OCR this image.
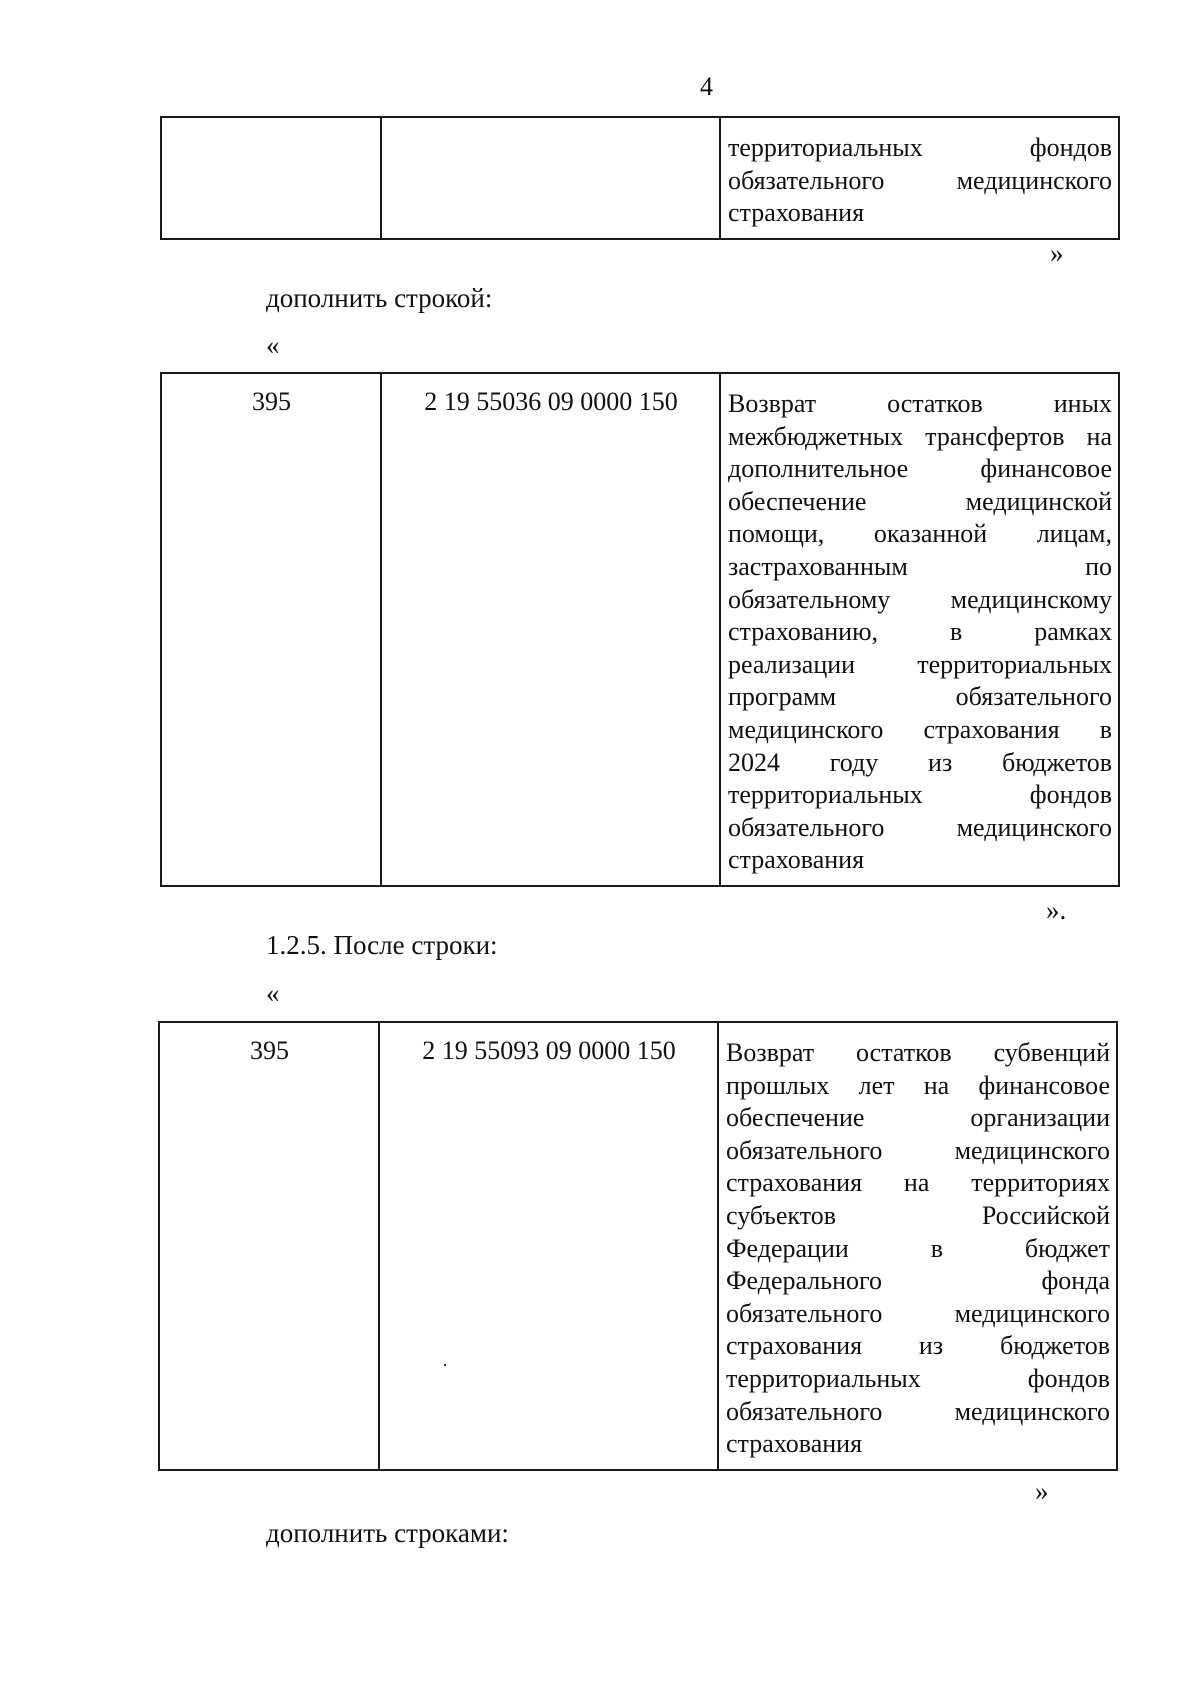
4

территориальных фондов
обязательного медицинского
страхования
»
дополнить строкой:
«
395	2 19 55036 09 0000 150	Возврат остатков иных
межбюджетных трансфертов на
дополнительное финансовое
обеспечение медицинской
помощи, оказанной лицам,
застрахованным по
обязательному медицинскому
страхованию, в рамках
реализации территориальных
программ обязательного
медицинского страхования в
2024 году из бюджетов
территориальных фондов
обязательного медицинского
страхования
».
1.2.5. После строки:
«
395	2 19 55093 09 0000 150	Возврат остатков субвенций
прошлых лет на финансовое
обеспечение организации
обязательного медицинского
страхования на территориях
субъектов Российской
Федерации в бюджет
Федерального фонда
обязательного медицинского
страхования из бюджетов
территориальных фондов
обязательного медицинского
страхования
»
дополнить строками:
